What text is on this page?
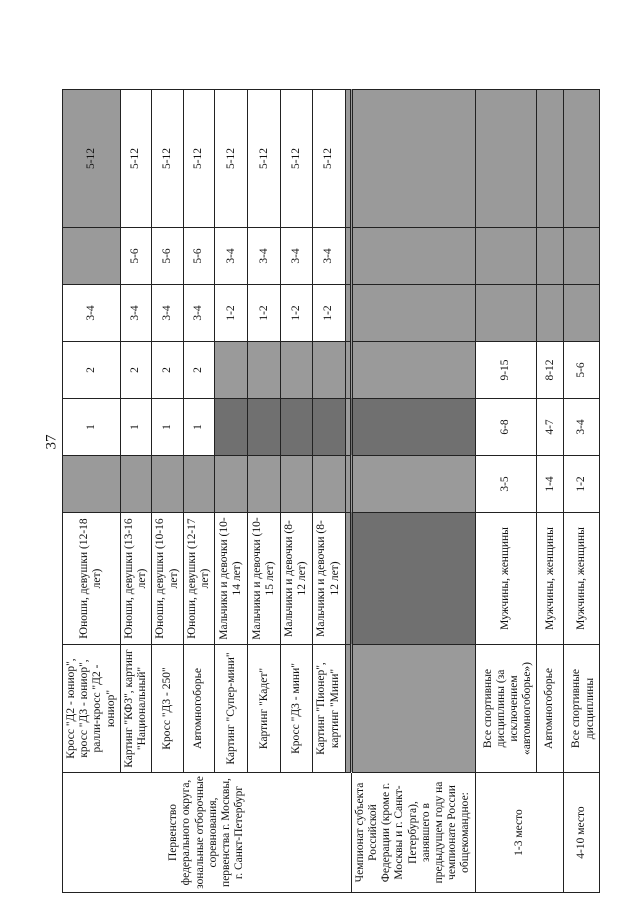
37
Первенство федерального округа, зональные отборочные соревнования, первенства г. Москвы, г. Санкт-Петербург	Кросс "Д2 - юниор", кросс "Д3 - юниор", ралли-кросс "Д2 - юниор"	Юноши, девушки (12-18 лет)		1	2	3-4		5-12
	Картинг "КФ3", картинг "Национальный"	Юноши, девушки (13-16 лет)		1	2	3-4	5-6	5-12
	Кросс "Д3 - 250"	Юноши, девушки (10-16 лет)		1	2	3-4	5-6	5-12
	Автомногоборье	Юноши, девушки (12-17 лет)		1	2	3-4	5-6	5-12
	Картинг "Супер-мини"	Мальчики и девочки (10-14 лет)				1-2	3-4	5-12
	Картинг "Кадет"	Мальчики и девочки (10-15 лет)				1-2	3-4	5-12
	Кросс "Д3 - мини"	Мальчики и девочки (8-12 лет)				1-2	3-4	5-12
	Картинг "Пионер", картинг "Мини"	Мальчики и девочки (8-12 лет)				1-2	3-4	5-12

Чемпионат субъекта Российской Федерации (кроме г. Москвы и г. Санкт-Петербурга), занявшего в предыдущем году на чемпионате России общекомандное:								
1-3 место	Все спортивные дисциплины (за исключением «автомногоборье»)	Мужчины, женщины	3-5	6-8	9-15			
	Автомногоборье	Мужчины, женщины	1-4	4-7	8-12			
4-10 место	Все спортивные дисциплины	Мужчины, женщины	1-2	3-4	5-6			
